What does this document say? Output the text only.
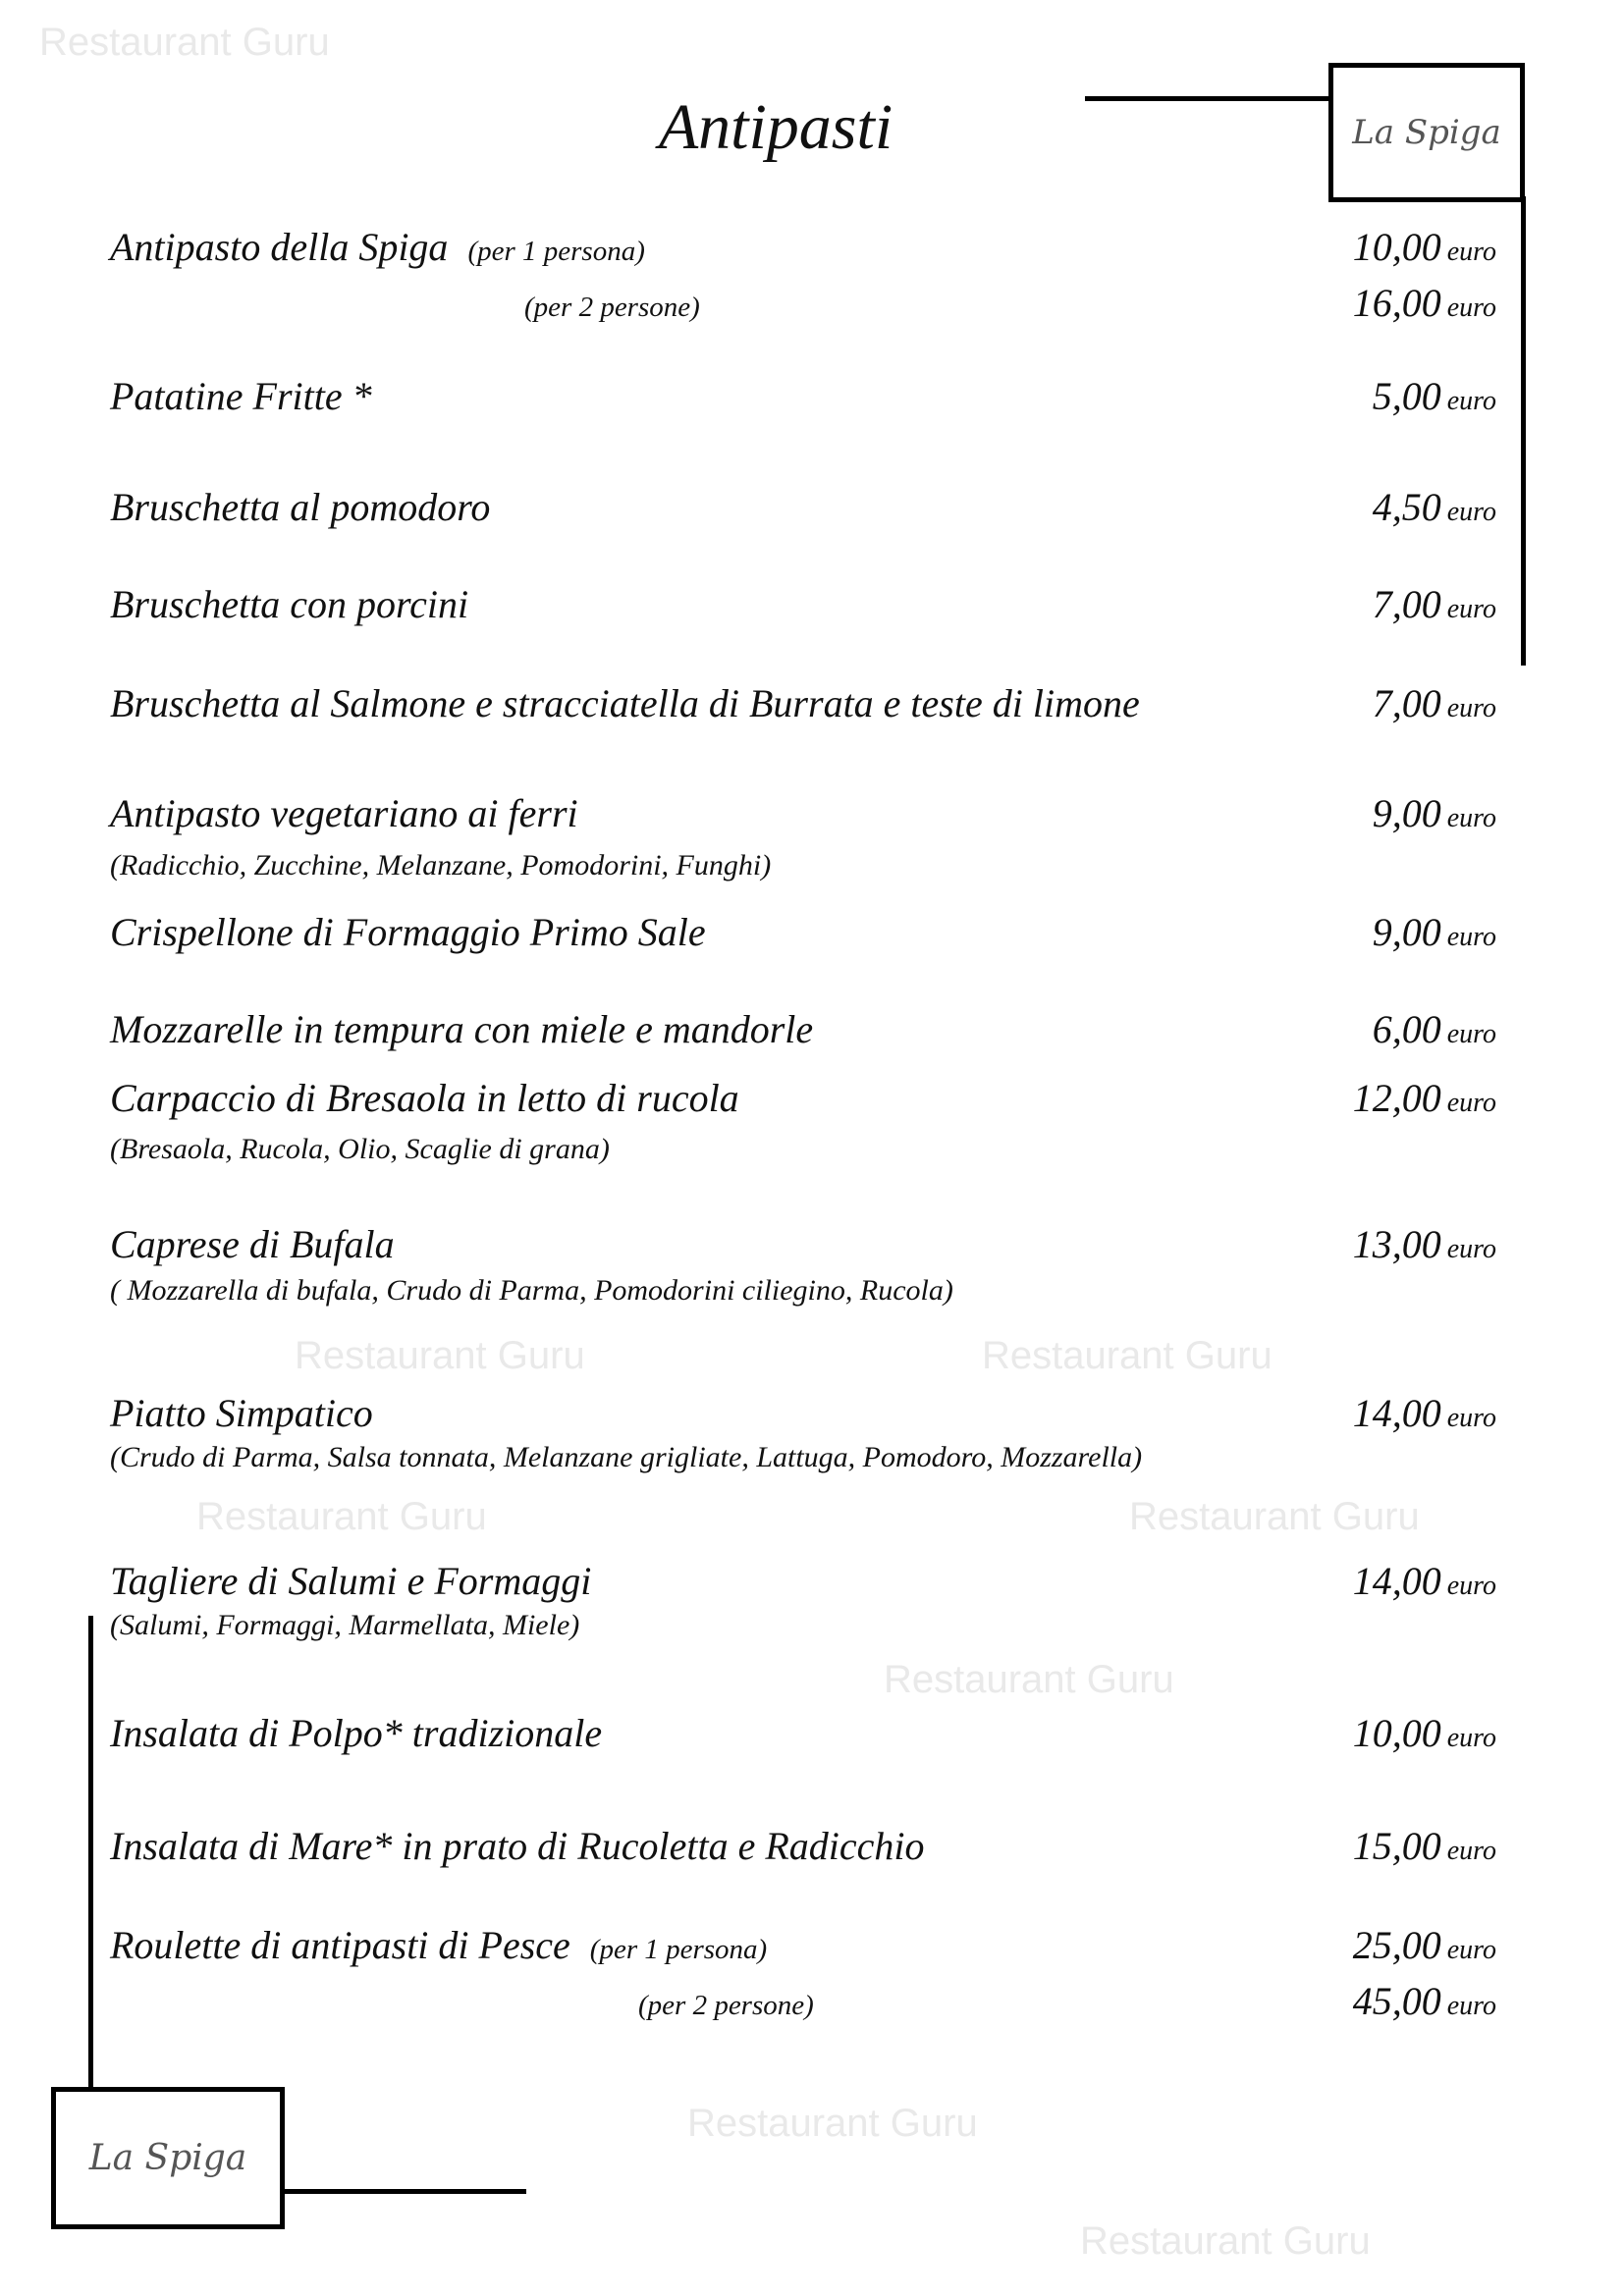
Restaurant Guru
Restaurant Guru	Restaurant Guru
Restaurant Guru	Restaurant Guru
Restaurant Guru
Restaurant Guru
Restaurant Guru
Antipasti	La Spiga
La Spiga
Antipasto della Spiga (per 1 persona)	10,00 euro
(per 2 persone)	16,00 euro
Patatine Fritte *	5,00 euro
Bruschetta al pomodoro	4,50 euro
Bruschetta con porcini	7,00 euro
Bruschetta al Salmone e stracciatella di Burrata e teste di limone	7,00 euro
Antipasto vegetariano ai ferri	9,00 euro
(Radicchio, Zucchine, Melanzane, Pomodorini, Funghi)
Crispellone di Formaggio Primo Sale	9,00 euro
Mozzarelle in tempura con miele e mandorle	6,00 euro
Carpaccio di Bresaola in letto di rucola	12,00 euro
(Bresaola, Rucola, Olio, Scaglie di grana)
Caprese di Bufala	13,00 euro
( Mozzarella di bufala, Crudo di Parma, Pomodorini ciliegino, Rucola)
Piatto Simpatico	14,00 euro
(Crudo di Parma, Salsa tonnata, Melanzane grigliate, Lattuga, Pomodoro, Mozzarella)
Tagliere di Salumi e Formaggi	14,00 euro
(Salumi, Formaggi, Marmellata, Miele)
Insalata di Polpo* tradizionale	10,00 euro
Insalata di Mare* in prato di Rucoletta e Radicchio	15,00 euro
Roulette di antipasti di Pesce (per 1 persona)	25,00 euro
(per 2 persone)	45,00 euro
